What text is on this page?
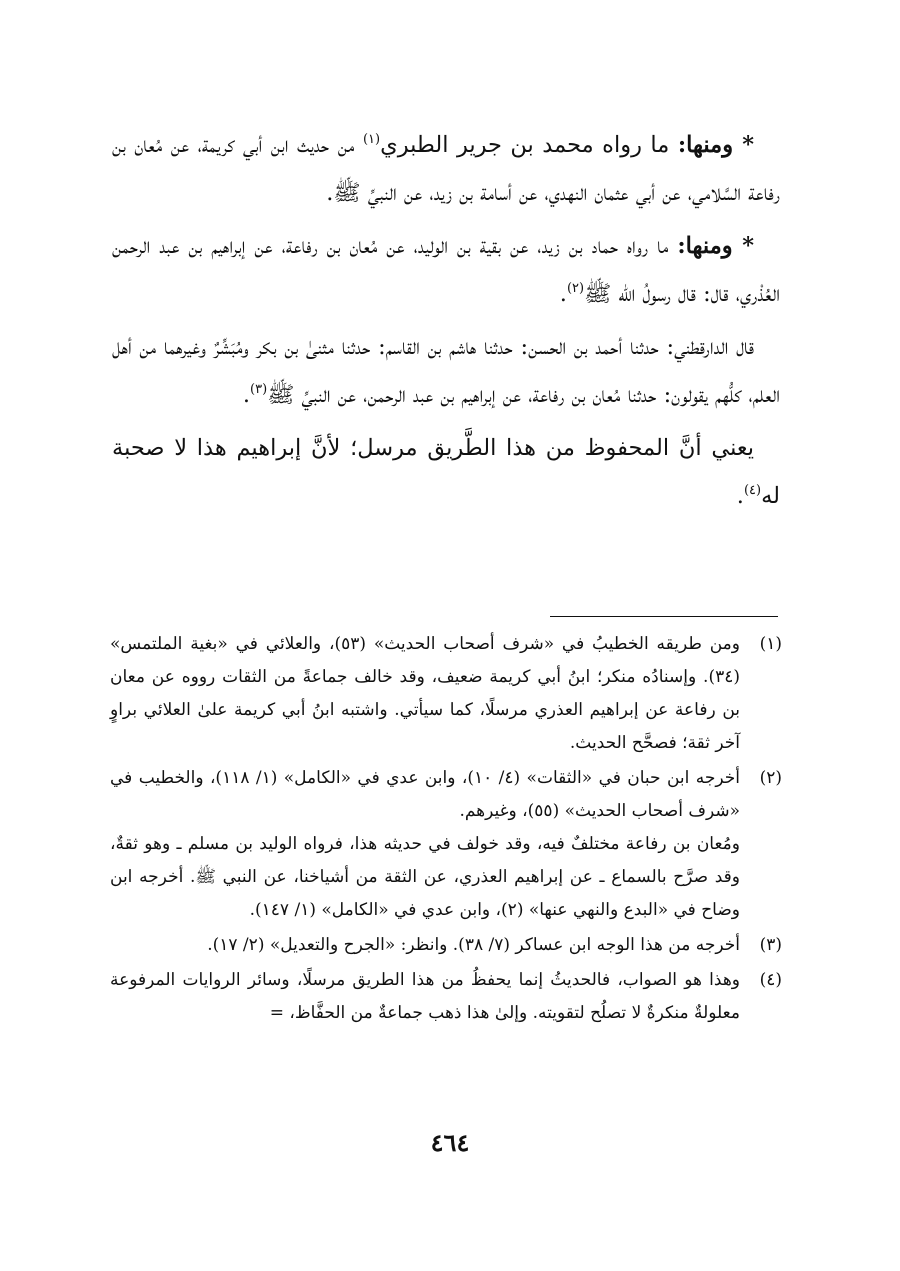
* ومنها: ما رواه محمد بن جرير الطبري$^{(١)}$ من حديث ابن أبي كريمة، عن مُعان بن رفاعة السَّلامي، عن أبي عثمان النهدي، عن أسامة بن زيد، عن النبيِّ ﷺ.

* ومنها: ما رواه حماد بن زيد، عن بقية بن الوليد، عن مُعان بن رفاعة، عن إبراهيم بن عبد الرحمن العُذْري، قال: قال رسولُ الله ﷺ$^{(٢)}$.

قال الدارقطني: حدثنا أحمد بن الحسن: حدثنا هاشم بن القاسم: حدثنا مثنىٰ بن بكر ومُبَشِّرٌ وغيرهما من أهل العلم، كلُّهم يقولون: حدثنا مُعان بن رفاعة، عن إبراهيم بن عبد الرحمن، عن النبيِّ ﷺ$^{(٣)}$.

يعني أنَّ المحفوظ من هذا الطَّريق مرسل؛ لأنَّ إبراهيم هذا لا صحبة له$^{(٤)}$.

(١)

ومن طريقه الخطيبُ في «شرف أصحاب الحديث» (٥٣)، والعلائي في «بغية الملتمس» (٣٤). وإسنادُه منكر؛ ابنُ أبي كريمة ضعيف، وقد خالف جماعةً من الثقات رووه عن معان بن رفاعة عن إبراهيم العذري مرسلًا، كما سيأتي. واشتبه ابنُ أبي كريمة علىٰ العلائي براوٍ آخر ثقة؛ فصحَّح الحديث.

(٢)

أخرجه ابن حبان في «الثقات» (٤/ ١٠)، وابن عدي في «الكامل» (١/ ١١٨)، والخطيب في «شرف أصحاب الحديث» (٥٥)، وغيرهم.

ومُعان بن رفاعة مختلفٌ فيه، وقد خولف في حديثه هذا، فرواه الوليد بن مسلم ـ وهو ثقةٌ، وقد صرَّح بالسماع ـ عن إبراهيم العذري، عن الثقة من أشياخنا، عن النبي ﷺ. أخرجه ابن وضاح في «البدع والنهي عنها» (٢)، وابن عدي في «الكامل» (١/ ١٤٧).

(٣)

أخرجه من هذا الوجه ابن عساكر (٧/ ٣٨). وانظر: «الجرح والتعديل» (٢/ ١٧).

(٤)

وهذا هو الصواب، فالحديثُ إنما يحفظُ من هذا الطريق مرسلًا، وسائر الروايات المرفوعة معلولةٌ منكرةٌ لا تصلُح لتقويته. وإلىٰ هذا ذهب جماعةٌ من الحفَّاظ، =

٤٦٤
